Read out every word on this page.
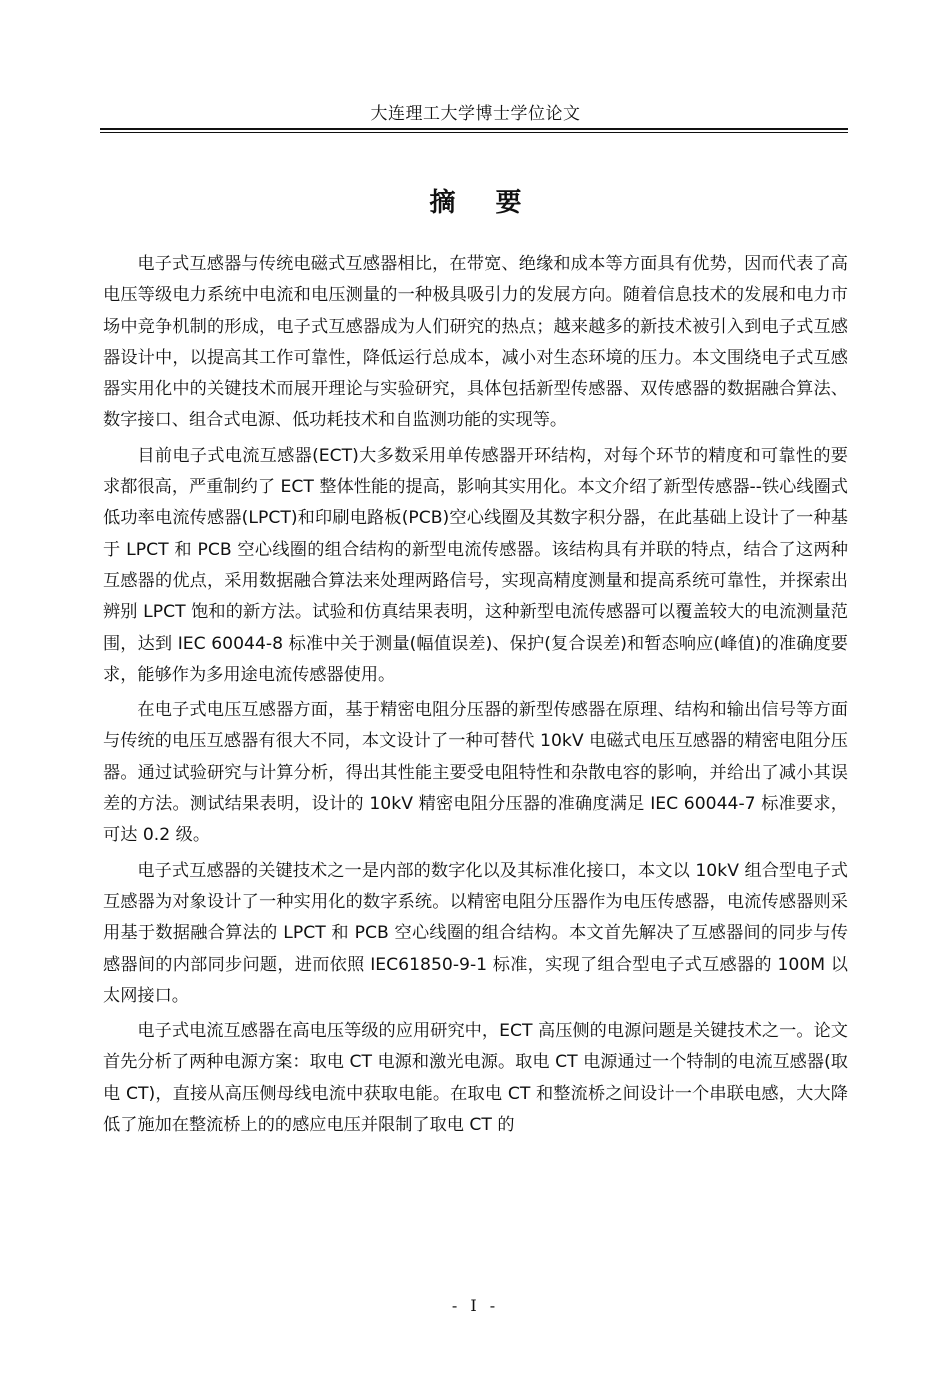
大连理工大学博士学位论文
摘要

电子式互感器与传统电磁式互感器相比，在带宽、绝缘和成本等方面具有优势，因而代表了高电压等级电力系统中电流和电压测量的一种极具吸引力的发展方向。随着信息技术的发展和电力市场中竞争机制的形成，电子式互感器成为人们研究的热点；越来越多的新技术被引入到电子式互感器设计中，以提高其工作可靠性，降低运行总成本，减小对生态环境的压力。本文围绕电子式互感器实用化中的关键技术而展开理论与实验研究，具体包括新型传感器、双传感器的数据融合算法、数字接口、组合式电源、低功耗技术和自监测功能的实现等。

目前电子式电流互感器(ECT)大多数采用单传感器开环结构，对每个环节的精度和可靠性的要求都很高，严重制约了 ECT 整体性能的提高，影响其实用化。本文介绍了新型传感器--铁心线圈式低功率电流传感器(LPCT)和印刷电路板(PCB)空心线圈及其数字积分器，在此基础上设计了一种基于 LPCT 和 PCB 空心线圈的组合结构的新型电流传感器。该结构具有并联的特点，结合了这两种互感器的优点，采用数据融合算法来处理两路信号，实现高精度测量和提高系统可靠性，并探索出辨别 LPCT 饱和的新方法。试验和仿真结果表明，这种新型电流传感器可以覆盖较大的电流测量范围，达到 IEC 60044-8 标准中关于测量(幅值误差)、保护(复合误差)和暂态响应(峰值)的准确度要求，能够作为多用途电流传感器使用。

在电子式电压互感器方面，基于精密电阻分压器的新型传感器在原理、结构和输出信号等方面与传统的电压互感器有很大不同，本文设计了一种可替代 10kV 电磁式电压互感器的精密电阻分压器。通过试验研究与计算分析，得出其性能主要受电阻特性和杂散电容的影响，并给出了减小其误差的方法。测试结果表明，设计的 10kV 精密电阻分压器的准确度满足 IEC 60044-7 标准要求，可达 0.2 级。

电子式互感器的关键技术之一是内部的数字化以及其标准化接口，本文以 10kV 组合型电子式互感器为对象设计了一种实用化的数字系统。以精密电阻分压器作为电压传感器，电流传感器则采用基于数据融合算法的 LPCT 和 PCB 空心线圈的组合结构。本文首先解决了互感器间的同步与传感器间的内部同步问题，进而依照 IEC61850-9-1 标准，实现了组合型电子式互感器的 100M 以太网接口。

电子式电流互感器在高电压等级的应用研究中，ECT 高压侧的电源问题是关键技术之一。论文首先分析了两种电源方案：取电 CT 电源和激光电源。取电 CT 电源通过一个特制的电流互感器(取电 CT)，直接从高压侧母线电流中获取电能。在取电 CT 和整流桥之间设计一个串联电感，大大降低了施加在整流桥上的的感应电压并限制了取电 CT 的

- I -
